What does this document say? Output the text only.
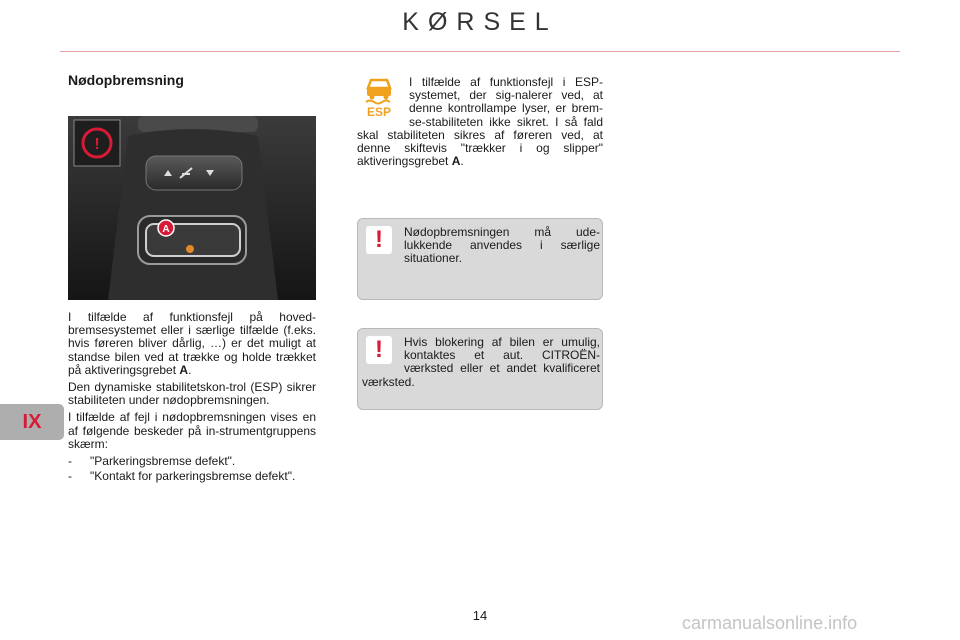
KØRSEL
IX
Nødopbremsning
!
A

I tilfælde af funktionsfejl på hoved-bremsesystemet eller i særlige tilfælde (f.eks. hvis føreren bliver dårlig, …) er det muligt at standse bilen ved at trække og holde trækket på aktiveringsgrebet A.

Den dynamiske stabilitetskon-trol (ESP) sikrer stabiliteten under nødopbremsningen.

I tilfælde af fejl i nødopbremsningen vises en af følgende beskeder på in-strumentgruppens skærm:

-	"Parkeringsbremse defekt".
-	"Kontakt for parkeringsbremse defekt".
ESP
I tilfælde af funktionsfejl i ESP-systemet, der sig-nalerer ved, at denne kontrollampe lyser, er brem-se-stabiliteten ikke sikret. I så fald skal stabiliteten sikres af føreren ved, at denne skiftevis "trækker i og slipper" aktiveringsgrebet A.
!	Nødopbremsningen må ude-lukkende anvendes i særlige situationer.
!	Hvis blokering af bilen er umulig, kontaktes et aut. CITROËN-værksted eller et andet kvalificeret værksted.
14	carmanualsonline.info
